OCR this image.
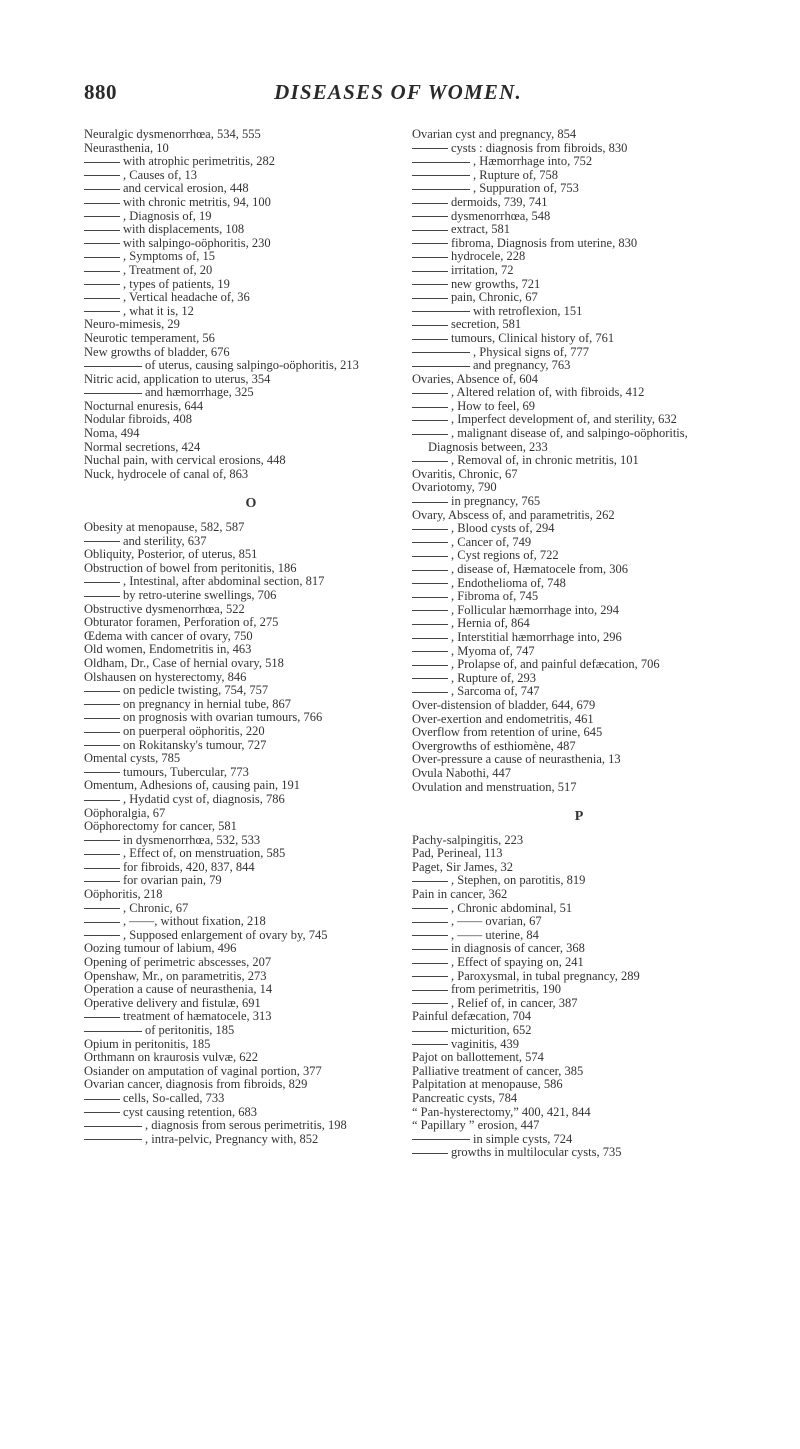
880	DISEASES OF WOMEN.

Neuralgic dysmenorrhœa, 534, 555

Neurasthenia, 10

with atrophic perimetritis, 282

, Causes of, 13

and cervical erosion, 448

with chronic metritis, 94, 100

, Diagnosis of, 19

with displacements, 108

with salpingo-oöphoritis, 230

, Symptoms of, 15

, Treatment of, 20

, types of patients, 19

, Vertical headache of, 36

, what it is, 12

Neuro-mimesis, 29

Neurotic temperament, 56

New growths of bladder, 676

of uterus, causing salpingo-oöphoritis, 213

Nitric acid, application to uterus, 354

and hæmorrhage, 325

Nocturnal enuresis, 644

Nodular fibroids, 408

Noma, 494

Normal secretions, 424

Nuchal pain, with cervical erosions, 448

Nuck, hydrocele of canal of, 863

O

Obesity at menopause, 582, 587

and sterility, 637

Obliquity, Posterior, of uterus, 851

Obstruction of bowel from peritonitis, 186

, Intestinal, after abdominal section, 817

by retro-uterine swellings, 706

Obstructive dysmenorrhœa, 522

Obturator foramen, Perforation of, 275

Œdema with cancer of ovary, 750

Old women, Endometritis in, 463

Oldham, Dr., Case of hernial ovary, 518

Olshausen on hysterectomy, 846

on pedicle twisting, 754, 757

on pregnancy in hernial tube, 867

on prognosis with ovarian tumours, 766

on puerperal oöphoritis, 220

on Rokitansky's tumour, 727

Omental cysts, 785

tumours, Tubercular, 773

Omentum, Adhesions of, causing pain, 191

, Hydatid cyst of, diagnosis, 786

Oöphoralgia, 67

Oöphorectomy for cancer, 581

in dysmenorrhœa, 532, 533

, Effect of, on menstruation, 585

for fibroids, 420, 837, 844

for ovarian pain, 79

Oöphoritis, 218

, Chronic, 67

, ——, without fixation, 218

, Supposed enlargement of ovary by, 745

Oozing tumour of labium, 496

Opening of perimetric abscesses, 207

Openshaw, Mr., on parametritis, 273

Operation a cause of neurasthenia, 14

Operative delivery and fistulæ, 691

treatment of hæmatocele, 313

of peritonitis, 185

Opium in peritonitis, 185

Orthmann on kraurosis vulvæ, 622

Osiander on amputation of vaginal portion, 377

Ovarian cancer, diagnosis from fibroids, 829

cells, So-called, 733

cyst causing retention, 683

, diagnosis from serous perimetritis, 198

, intra-pelvic, Pregnancy with, 852

Ovarian cyst and pregnancy, 854

cysts : diagnosis from fibroids, 830

, Hæmorrhage into, 752

, Rupture of, 758

, Suppuration of, 753

dermoids, 739, 741

dysmenorrhœa, 548

extract, 581

fibroma, Diagnosis from uterine, 830

hydrocele, 228

irritation, 72

new growths, 721

pain, Chronic, 67

with retroflexion, 151

secretion, 581

tumours, Clinical history of, 761

, Physical signs of, 777

and pregnancy, 763

Ovaries, Absence of, 604

, Altered relation of, with fibroids, 412

, How to feel, 69

, Imperfect development of, and sterility, 632

, malignant disease of, and salpingo-oöphoritis, Diagnosis between, 233

, Removal of, in chronic metritis, 101

Ovaritis, Chronic, 67

Ovariotomy, 790

in pregnancy, 765

Ovary, Abscess of, and parametritis, 262

, Blood cysts of, 294

, Cancer of, 749

, Cyst regions of, 722

, disease of, Hæmatocele from, 306

, Endothelioma of, 748

, Fibroma of, 745

, Follicular hæmorrhage into, 294

, Hernia of, 864

, Interstitial hæmorrhage into, 296

, Myoma of, 747

, Prolapse of, and painful defæcation, 706

, Rupture of, 293

, Sarcoma of, 747

Over-distension of bladder, 644, 679

Over-exertion and endometritis, 461

Overflow from retention of urine, 645

Overgrowths of esthiomène, 487

Over-pressure a cause of neurasthenia, 13

Ovula Nabothi, 447

Ovulation and menstruation, 517

P

Pachy-salpingitis, 223

Pad, Perineal, 113

Paget, Sir James, 32

, Stephen, on parotitis, 819

Pain in cancer, 362

, Chronic abdominal, 51

, —— ovarian, 67

, —— uterine, 84

in diagnosis of cancer, 368

, Effect of spaying on, 241

, Paroxysmal, in tubal pregnancy, 289

from perimetritis, 190

, Relief of, in cancer, 387

Painful defæcation, 704

micturition, 652

vaginitis, 439

Pajot on ballottement, 574

Palliative treatment of cancer, 385

Palpitation at menopause, 586

Pancreatic cysts, 784

“ Pan-hysterectomy,” 400, 421, 844

“ Papillary ” erosion, 447

in simple cysts, 724

growths in multilocular cysts, 735
